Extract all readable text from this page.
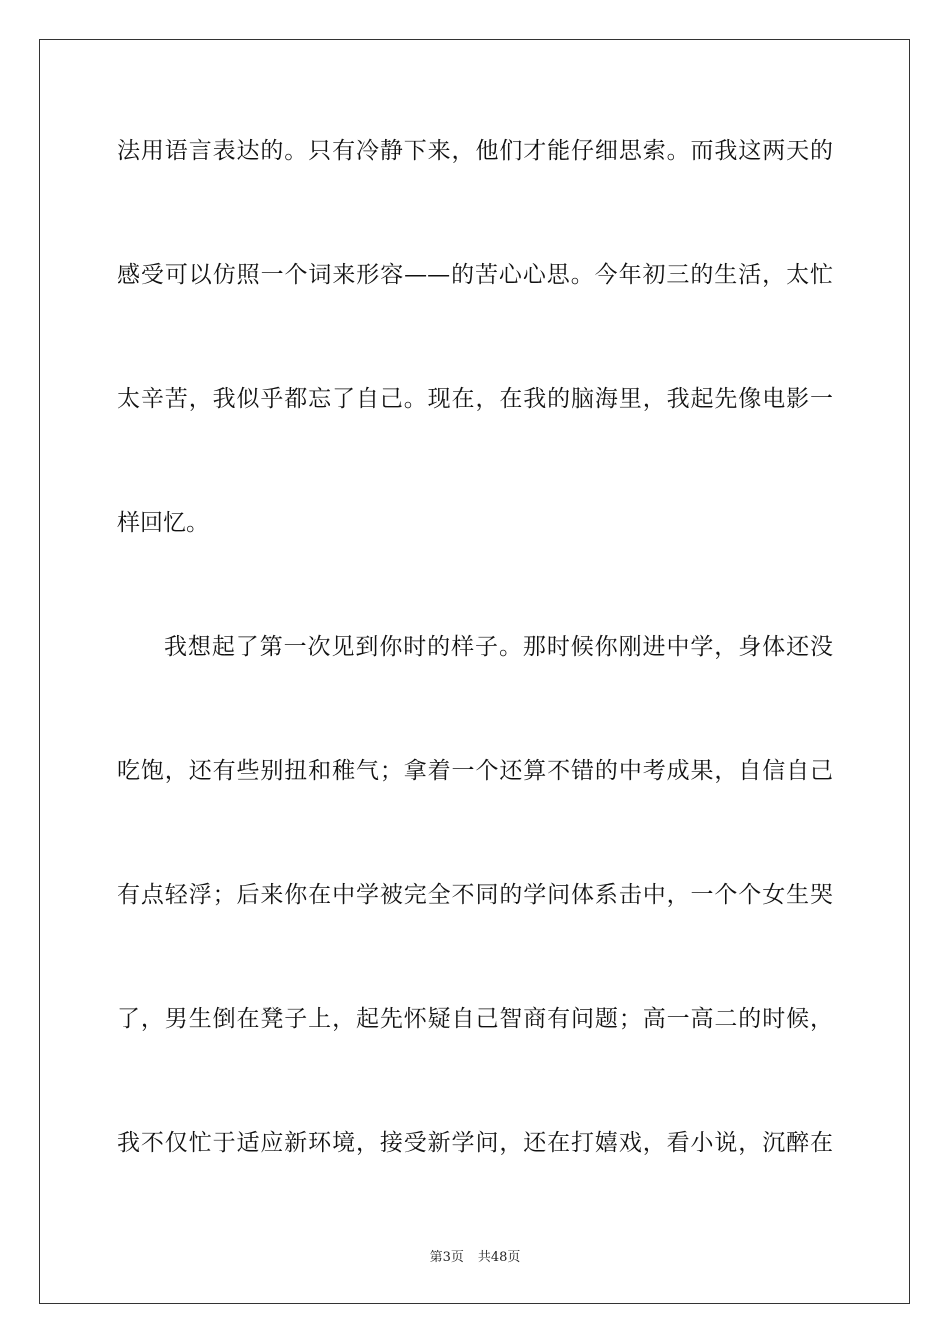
法用语言表达的。只有冷静下来，他们才能仔细思索。而我这两天的
感受可以仿照一个词来形容——的苦心心思。今年初三的生活，太忙
太辛苦，我似乎都忘了自己。现在，在我的脑海里，我起先像电影一
样回忆。
我想起了第一次见到你时的样子。那时候你刚进中学，身体还没
吃饱，还有些别扭和稚气；拿着一个还算不错的中考成果，自信自己
有点轻浮；后来你在中学被完全不同的学问体系击中，一个个女生哭
了，男生倒在凳子上，起先怀疑自己智商有问题；高一高二的时候，
我不仅忙于适应新环境，接受新学问，还在打嬉戏，看小说，沉醉在
第3页 共48页
